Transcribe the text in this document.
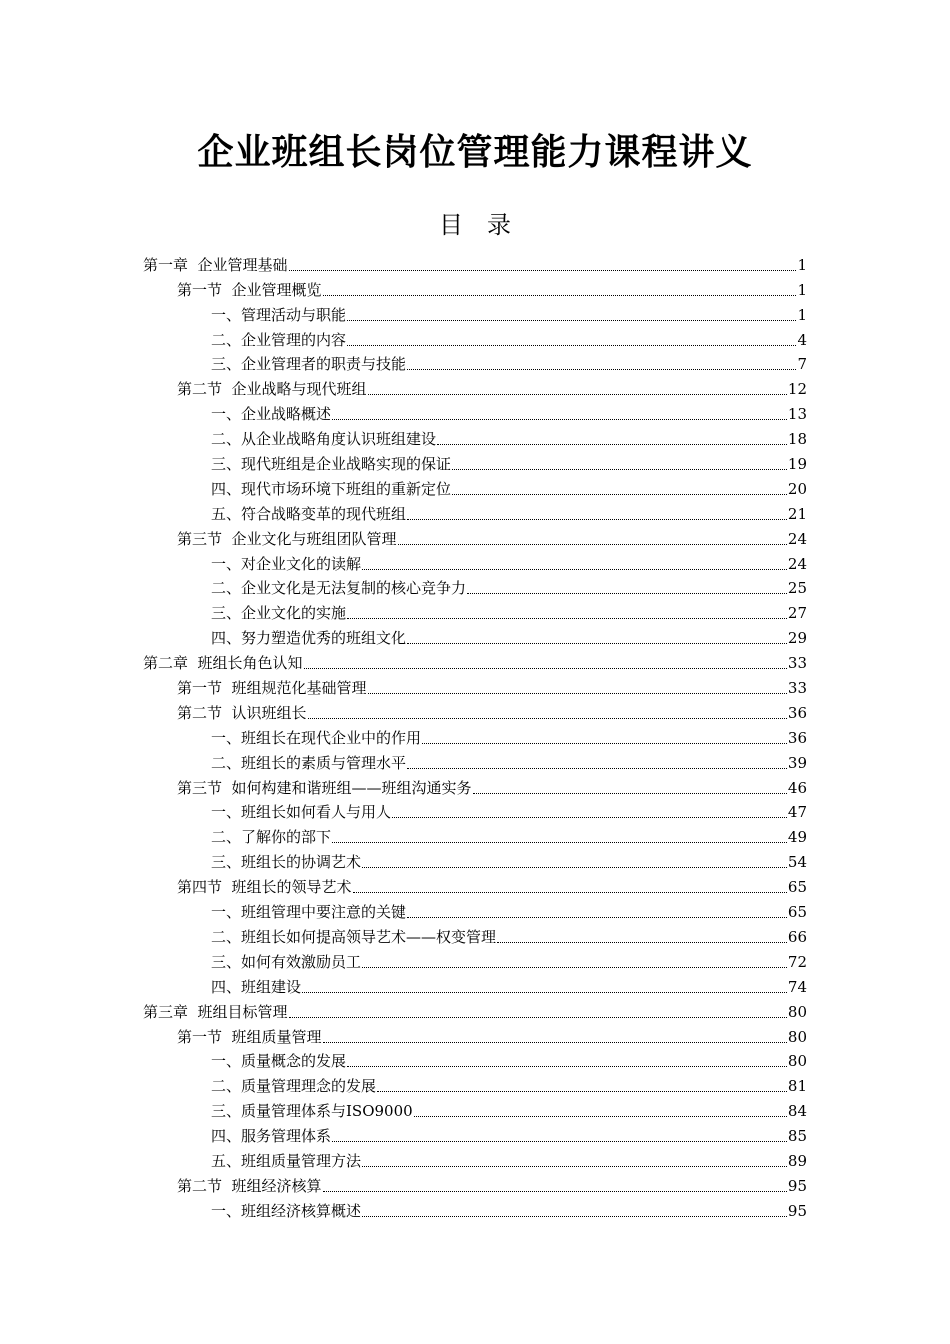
企业班组长岗位管理能力课程讲义
目录
第一章  企业管理基础	1
第一节  企业管理概览	1
一、管理活动与职能	1
二、企业管理的内容	4
三、企业管理者的职责与技能	7
第二节  企业战略与现代班组	12
一、企业战略概述	13
二、从企业战略角度认识班组建设	18
三、现代班组是企业战略实现的保证	19
四、现代市场环境下班组的重新定位	20
五、符合战略变革的现代班组	21
第三节  企业文化与班组团队管理	24
一、对企业文化的读解	24
二、企业文化是无法复制的核心竞争力	25
三、企业文化的实施	27
四、努力塑造优秀的班组文化	29
第二章  班组长角色认知	33
第一节  班组规范化基础管理	33
第二节  认识班组长	36
一、班组长在现代企业中的作用	36
二、班组长的素质与管理水平	39
第三节  如何构建和谐班组——班组沟通实务	46
一、班组长如何看人与用人	47
二、了解你的部下	49
三、班组长的协调艺术	54
第四节  班组长的领导艺术	65
一、班组管理中要注意的关键	65
二、班组长如何提高领导艺术——权变管理	66
三、如何有效激励员工	72
四、班组建设	74
第三章  班组目标管理	80
第一节  班组质量管理	80
一、质量概念的发展	80
二、质量管理理念的发展	81
三、质量管理体系与ISO9000	84
四、服务管理体系	85
五、班组质量管理方法	89
第二节  班组经济核算	95
一、班组经济核算概述	95
